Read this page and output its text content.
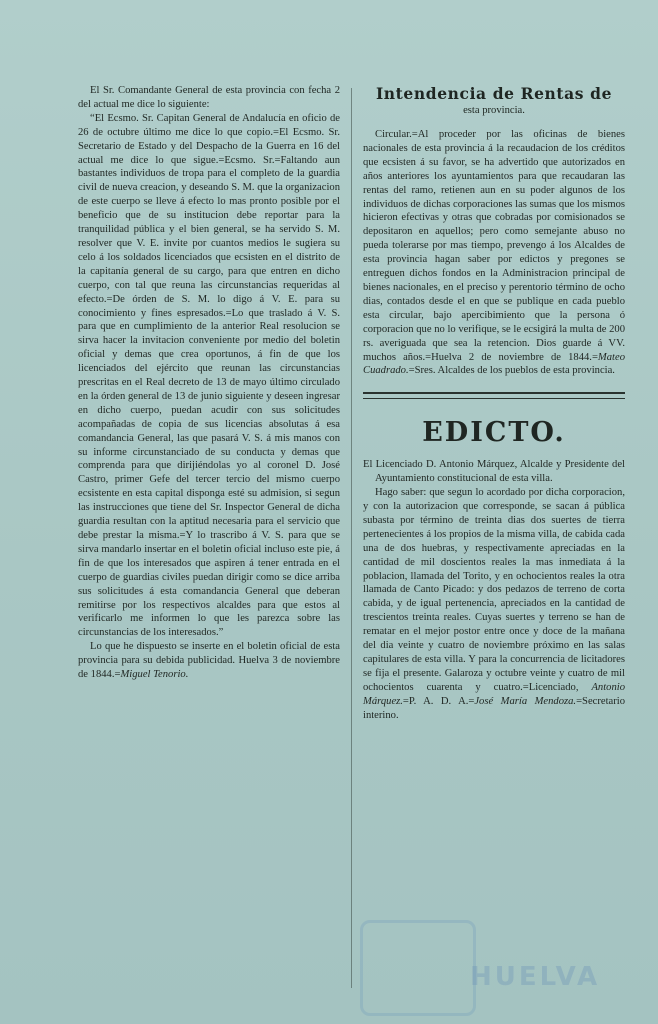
El Sr. Comandante General de esta provincia con fecha 2 del actual me dice lo siguiente:

“El Ecsmo. Sr. Capitan General de Andalucía en oficio de 26 de octubre último me dice lo que copio.=El Ecsmo. Sr. Secretario de Estado y del Despacho de la Guerra en 16 del actual me dice lo que sigue.=Ecsmo. Sr.=Faltando aun bastantes individuos de tropa para el completo de la guardia civil de nueva creacion, y deseando S. M. que la organizacion de este cuerpo se lleve á efecto lo mas pronto posible por el beneficio que de su institucion debe reportar para la tranquilidad pública y el bien general, se ha servido S. M. resolver que V. E. invite por cuantos medios le sugiera su celo á los soldados licenciados que ecsisten en el distrito de la capitanía general de su cargo, para que entren en dicho cuerpo, con tal que reuna las circunstancias requeridas al efecto.=De órden de S. M. lo digo á V. E. para su conocimiento y fines espresados.=Lo que traslado á V. S. para que en cumplimiento de la anterior Real resolucion se sirva hacer la invitacion conveniente por medio del boletin oficial y demas que crea oportunos, á fin de que los licenciados del ejército que reunan las circunstancias prescritas en el Real decreto de 13 de mayo último circulado en la órden general de 13 de junio siguiente y deseen ingresar en dicho cuerpo, puedan acudir con sus solicitudes acompañadas de copia de sus licencias absolutas á esa comandancia General, las que pasará V. S. á mis manos con su informe circunstanciado de su conducta y demas que comprenda para que dirijiéndolas yo al coronel D. José Castro, primer Gefe del tercer tercio del mismo cuerpo ecsistente en esta capital disponga esté su admision, si segun las instrucciones que tiene del Sr. Inspector General de dicha guardia resultan con la aptitud necesaria para el servicio que debe prestar la misma.=Y lo trascribo á V. S. para que se sirva mandarlo insertar en el boletin oficial incluso este pie, á fin de que los interesados que aspiren á tener entrada en el cuerpo de guardias civiles puedan dirigir como se dice arriba sus solicitudes á esta comandancia General que deberan remitirse por los respectivos alcaldes para que estos al verificarlo me informen lo que les parezca sobre las circunstancias de los interesados.”

Lo que he dispuesto se inserte en el boletin oficial de esta provincia para su debida publicidad. Huelva 3 de noviembre de 1844.=Miguel Tenorio.

Intendencia de Rentas de
esta provincia.

Circular.=Al proceder por las oficinas de bienes nacionales de esta provincia á la recaudacion de los créditos que ecsisten á su favor, se ha advertido que autorizados en años anteriores los ayuntamientos para que recaudaran las rentas del ramo, retienen aun en su poder algunos de los individuos de dichas corporaciones las sumas que los mismos hicieron efectivas y otras que cobradas por comisionados se depositaron en aquellos; pero como semejante abuso no pueda tolerarse por mas tiempo, prevengo á los Alcaldes de esta provincia hagan saber por edictos y pregones se entreguen dichos fondos en la Administracion principal de bienes nacionales, en el preciso y perentorio término de ocho dias, contados desde el en que se publique en cada pueblo esta circular, bajo apercibimiento que la persona ó corporacion que no lo verifique, se le ecsigirá la multa de 200 rs. averiguada que sea la retencion. Dios guarde á VV. muchos años.=Huelva 2 de noviembre de 1844.=Mateo Cuadrado.=Sres. Alcaldes de los pueblos de esta provincia.

EDICTO.

El Licenciado D. Antonio Márquez, Alcalde y Presidente del Ayuntamiento constitucional de esta villa.

Hago saber: que segun lo acordado por dicha corporacion, y con la autorizacion que corresponde, se sacan á pública subasta por término de treinta dias dos suertes de tierra pertenecientes á los propios de la misma villa, de cabida cada una de dos huebras, y respectivamente apreciadas en la cantidad de mil doscientos reales la mas inmediata á la poblacion, llamada del Torito, y en ochocientos reales la otra llamada de Canto Picado: y dos pedazos de terreno de corta cabida, y de igual pertenencia, apreciados en la cantidad de trescientos treinta reales. Cuyas suertes y terreno se han de rematar en el mejor postor entre once y doce de la mañana del dia veinte y cuatro de noviembre próximo en las salas capitulares de esta villa. Y para la concurrencia de licitadores se fija el presente. Galaroza y octubre veinte y cuatro de mil ochocientos cuarenta y cuatro.=Licenciado, Antonio Márquez.=P. A. D. A.=José María Mendoza.=Secretario interino.

HUELVA
